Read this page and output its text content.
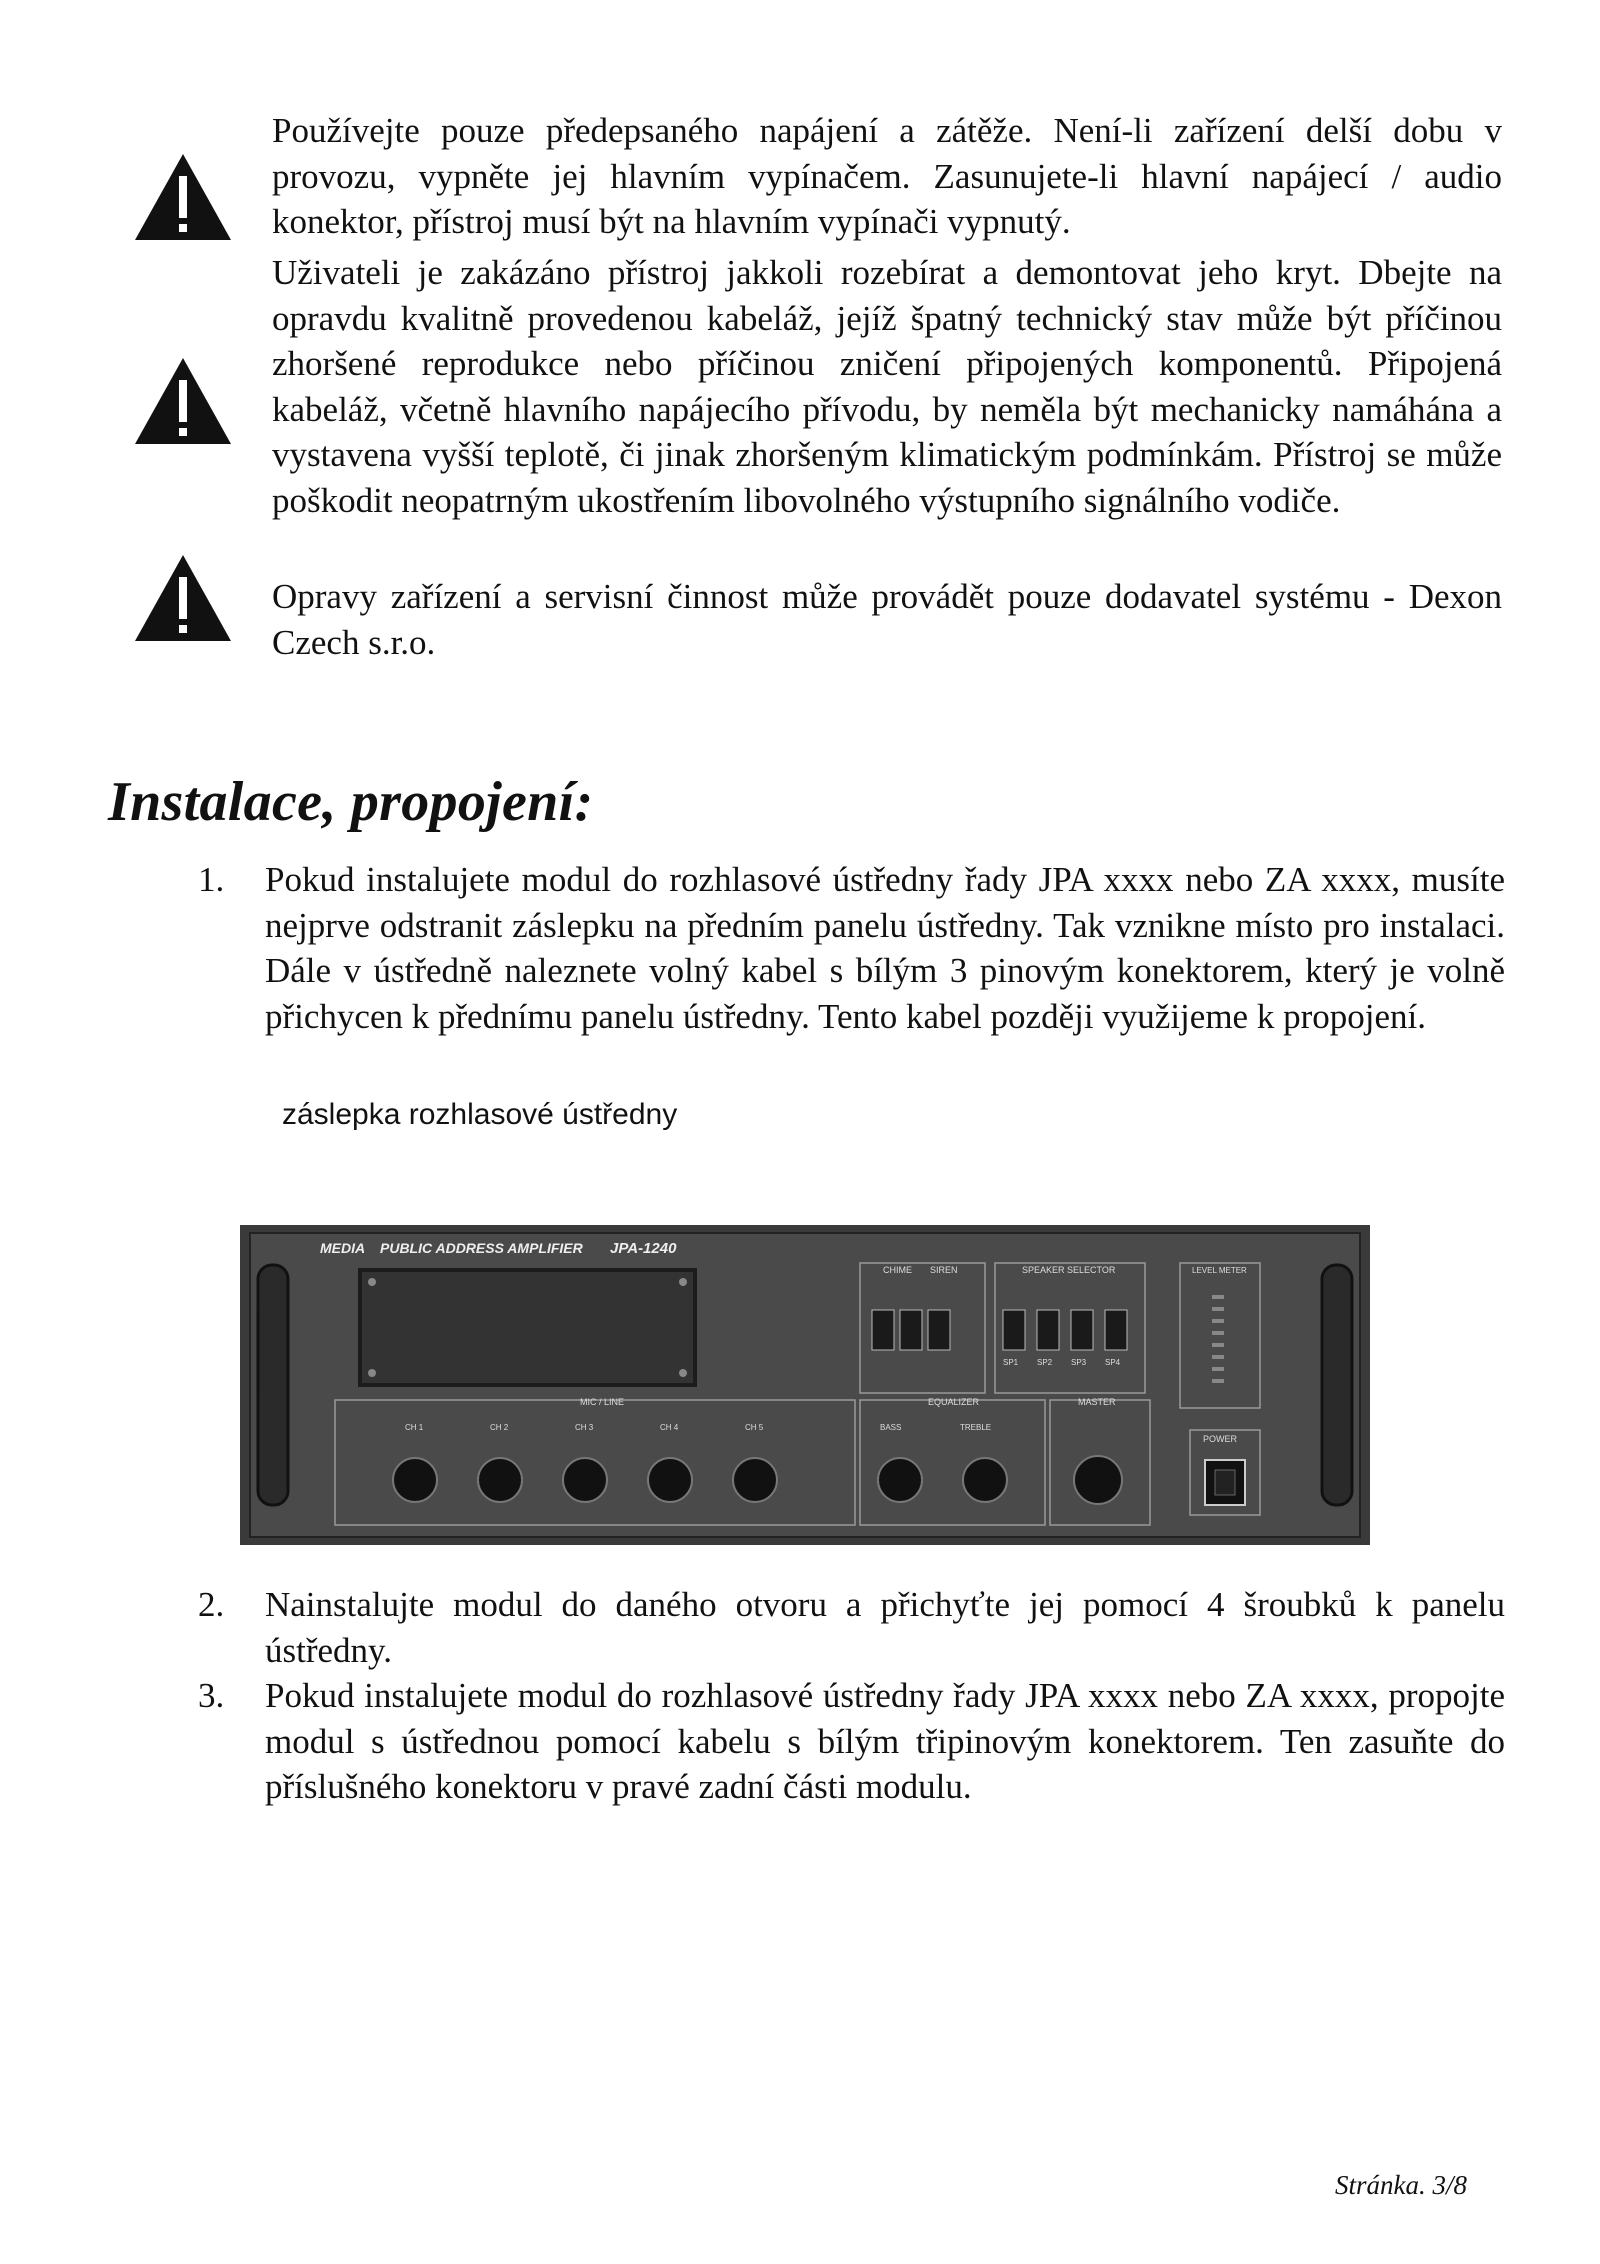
Používejte pouze předepsaného napájení a zátěže. Není-li zařízení delší dobu v provozu, vypněte jej hlavním vypínačem. Zasunujete-li hlavní napájecí / audio konektor, přístroj musí být na hlavním vypínači vypnutý.

Uživateli je zakázáno přístroj jakkoli rozebírat a demontovat jeho kryt. Dbejte na opravdu kvalitně provedenou kabeláž, jejíž špatný technický stav může být příčinou zhoršené reprodukce nebo příčinou zničení připojených komponentů. Připojená kabeláž, včetně hlavního napájecího přívodu, by neměla být mechanicky namáhána a vystavena vyšší teplotě, či jinak zhoršeným klimatickým podmínkám. Přístroj se může poškodit neopatrným ukostřením libovolného výstupního signálního vodiče.

Opravy zařízení a servisní činnost může provádět pouze dodavatel systému - Dexon Czech s.r.o.

Instalace, propojení:
1.	Pokud instalujete modul do rozhlasové ústředny řady JPA xxxx nebo ZA xxxx, musíte nejprve odstranit záslepku na předním panelu ústředny. Tak vznikne místo pro instalaci. Dále v ústředně naleznete volný kabel s bílým 3 pinovým konektorem, který je volně přichycen k přednímu panelu ústředny. Tento kabel později využijeme k propojení.
záslepka rozhlasové ústředny
MEDIA PUBLIC ADDRESS AMPLIFIER JPA-1240
CHIME SIREN	SPEAKER SELECTOR
SP1 SP2 SP3 SP4
LEVEL METER
MIC / LINE
CH 1	CH 2	CH 3	CH 4	CH 5
EQUALIZER
BASS	TREBLE
MASTER
POWER
2.	Nainstalujte modul do daného otvoru a přichyťte jej pomocí 4 šroubků k panelu ústředny.
3.	Pokud instalujete modul do rozhlasové ústředny řady JPA xxxx nebo ZA xxxx, propojte modul s ústřednou pomocí kabelu s bílým třipinovým konektorem. Ten zasuňte do příslušného konektoru v pravé zadní části modulu.
Stránka. 3/8
